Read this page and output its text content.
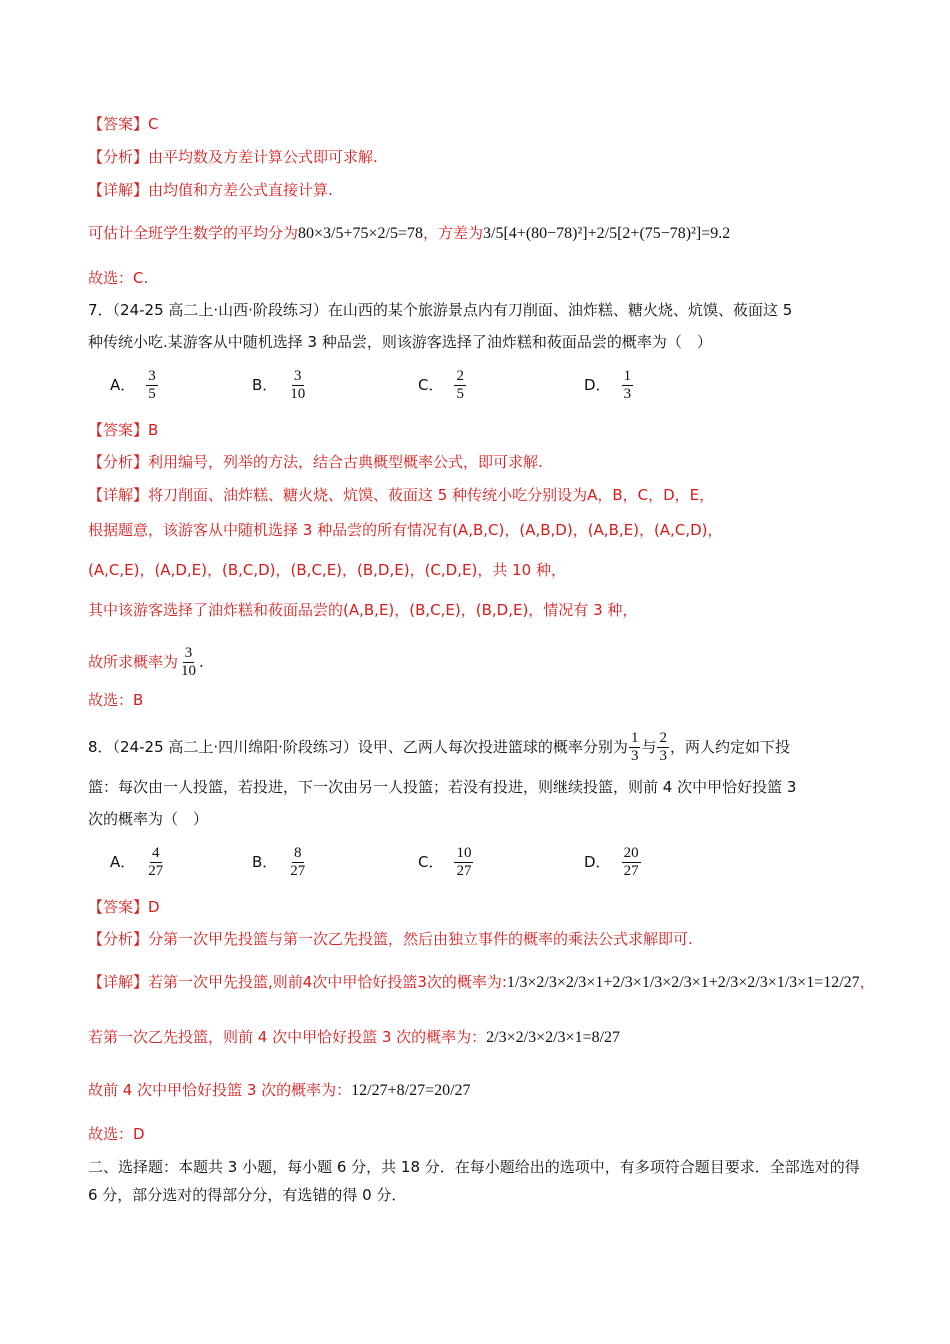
【答案】C
【分析】由平均数及方差计算公式即可求解.
【详解】由均值和方差公式直接计算.
可估计全班学生数学的平均分为80×3/5+75×2/5=78，方差为3/5[4+(80−78)²]+2/5[2+(75−78)²]=9.2
故选：C.
7．（24-25 高二上·山西·阶段练习）在山西的某个旅游景点内有刀削面、油炸糕、糖火烧、炕馍、莜面这 5
种传统小吃.某游客从中随机选择 3 种品尝，则该游客选择了油炸糕和莜面品尝的概率为（　）
A． $\frac{3}{5}$	B． $\frac{3}{10}$	C． $\frac{2}{5}$	D． $\frac{1}{3}$
【答案】B
【分析】利用编号，列举的方法，结合古典概型概率公式，即可求解.
【详解】将刀削面、油炸糕、糖火烧、炕馍、莜面这 5 种传统小吃分别设为A，B，C，D，E，
根据题意，该游客从中随机选择 3 种品尝的所有情况有(A,B,C)，(A,B,D)，(A,B,E)，(A,C,D)，
(A,C,E)，(A,D,E)，(B,C,D)，(B,C,E)，(B,D,E)，(C,D,E)，共 10 种，
其中该游客选择了油炸糕和莜面品尝的(A,B,E)，(B,C,E)，(B,D,E)，情况有 3 种，
故所求概率为 $\frac{3}{10}$ .
故选：B
8．（24-25 高二上·四川绵阳·阶段练习）设甲、乙两人每次投进篮球的概率分别为 $\frac{1}{3}$ 与 $\frac{2}{3}$ ，两人约定如下投
篮：每次由一人投篮，若投进，下一次由另一人投篮；若没有投进，则继续投篮，则前 4 次中甲恰好投篮 3
次的概率为（　）
A． $\frac{4}{27}$	B． $\frac{8}{27}$	C． $\frac{10}{27}$	D． $\frac{20}{27}$
【答案】D
【分析】分第一次甲先投篮与第一次乙先投篮，然后由独立事件的概率的乘法公式求解即可.
【详解】若第一次甲先投篮,则前4次中甲恰好投篮3次的概率为:1/3×2/3×2/3×1+2/3×1/3×2/3×1+2/3×2/3×1/3×1=12/27，
若第一次乙先投篮，则前 4 次中甲恰好投篮 3 次的概率为：2/3×2/3×2/3×1=8/27
故前 4 次中甲恰好投篮 3 次的概率为：12/27+8/27=20/27
故选：D
二、选择题：本题共 3 小题，每小题 6 分，共 18 分．在每小题给出的选项中，有多项符合题目要求．全部选对的得 6 分，部分选对的得部分分，有选错的得 0 分．
